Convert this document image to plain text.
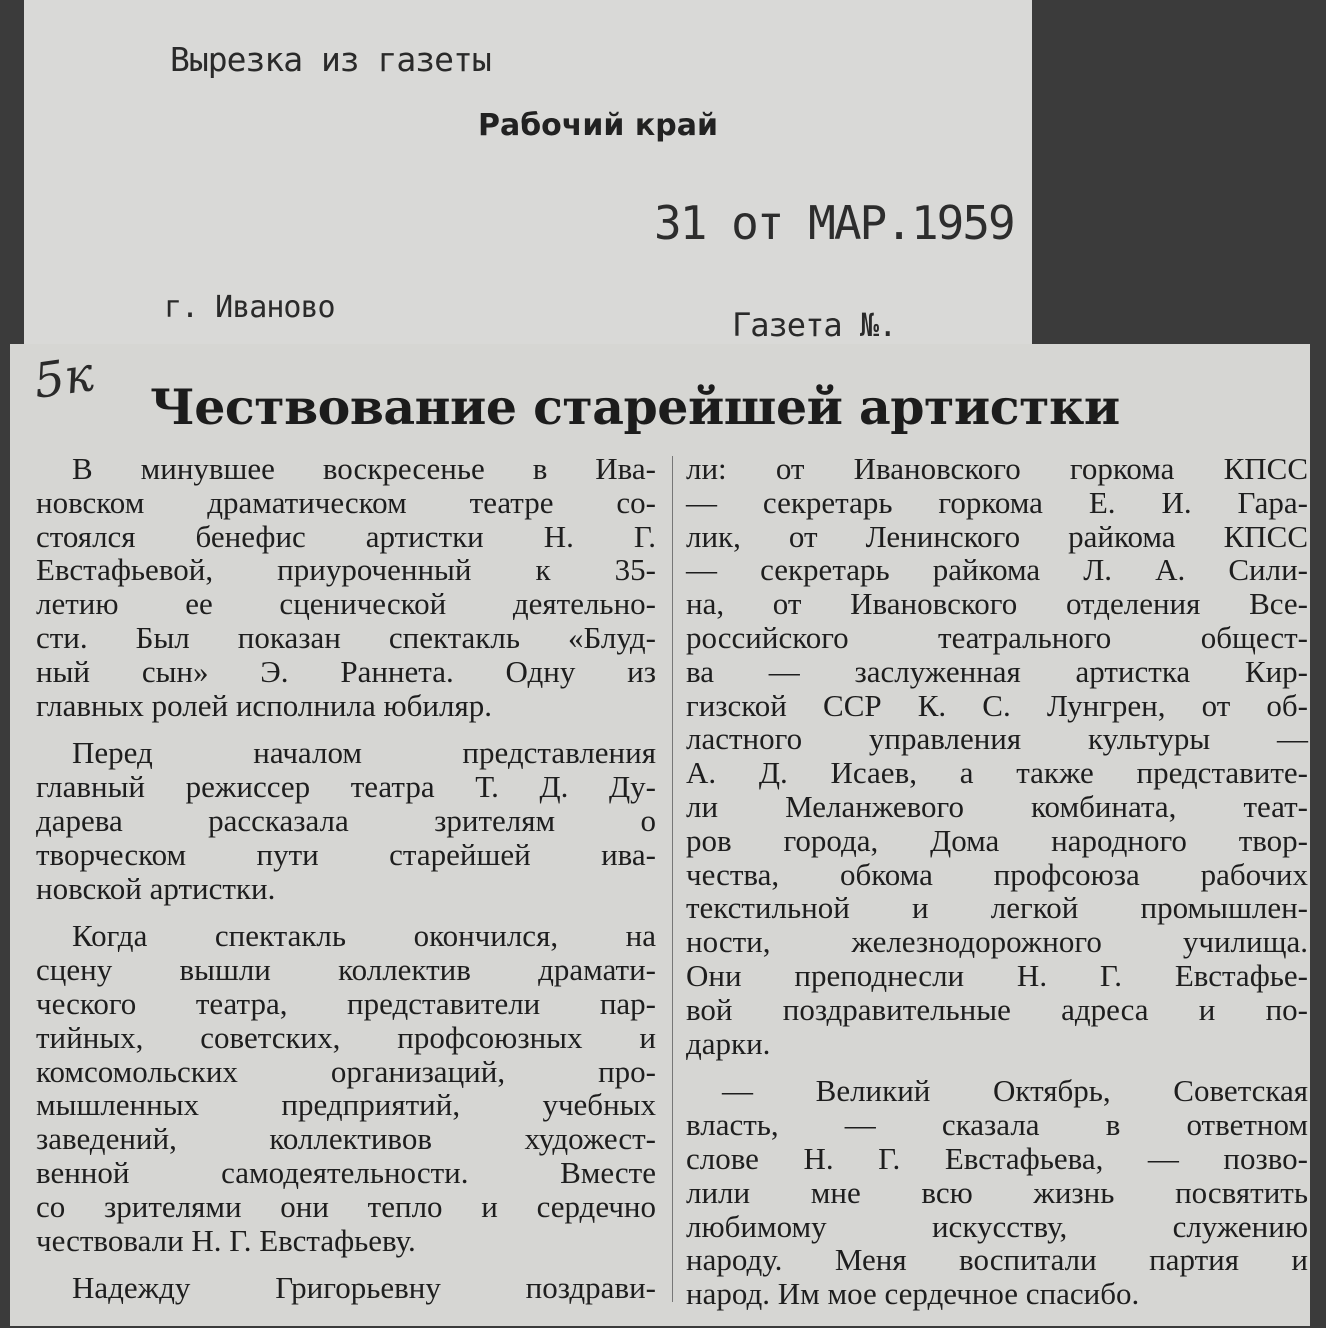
Вырезка из газеты
Рабочий край
31 от МАР.1959
г. Иваново	Газета №.
5к Чествование старейшей артистки
В минувшее воскресенье в Ива-
новском драматическом театре со-
стоялся бенефис артистки Н. Г.
Евстафьевой, приуроченный к 35-
летию ее сценической деятельно-
сти. Был показан спектакль «Блуд-
ный сын» Э. Раннета. Одну из
главных ролей исполнила юбиляр.
Перед началом представления
главный режиссер театра Т. Д. Ду-
дарева рассказала зрителям о
творческом пути старейшей ива-
новской артистки.
Когда спектакль окончился, на
сцену вышли коллектив драмати-
ческого театра, представители пар-
тийных, советских, профсоюзных и
комсомольских организаций, про-
мышленных предприятий, учебных
заведений, коллективов художест-
венной самодеятельности. Вместе
со зрителями они тепло и сердечно
чествовали Н. Г. Евстафьеву.
Надежду Григорьевну поздрави-
ли: от Ивановского горкома КПСС
— секретарь горкома Е. И. Гара-
лик, от Ленинского райкома КПСС
— секретарь райкома Л. А. Сили-
на, от Ивановского отделения Все-
российского театрального общест-
ва — заслуженная артистка Кир-
гизской ССР К. С. Лунгрен, от об-
ластного управления культуры —
А. Д. Исаев, а также представите-
ли Меланжевого комбината, теат-
ров города, Дома народного твор-
чества, обкома профсоюза рабочих
текстильной и легкой промышлен-
ности, железнодорожного училища.
Они преподнесли Н. Г. Евстафье-
вой поздравительные адреса и по-
дарки.
— Великий Октябрь, Советская
власть, — сказала в ответном
слове Н. Г. Евстафьева, — позво-
лили мне всю жизнь посвятить
любимому искусству, служению
народу. Меня воспитали партия и
народ. Им мое сердечное спасибо.
